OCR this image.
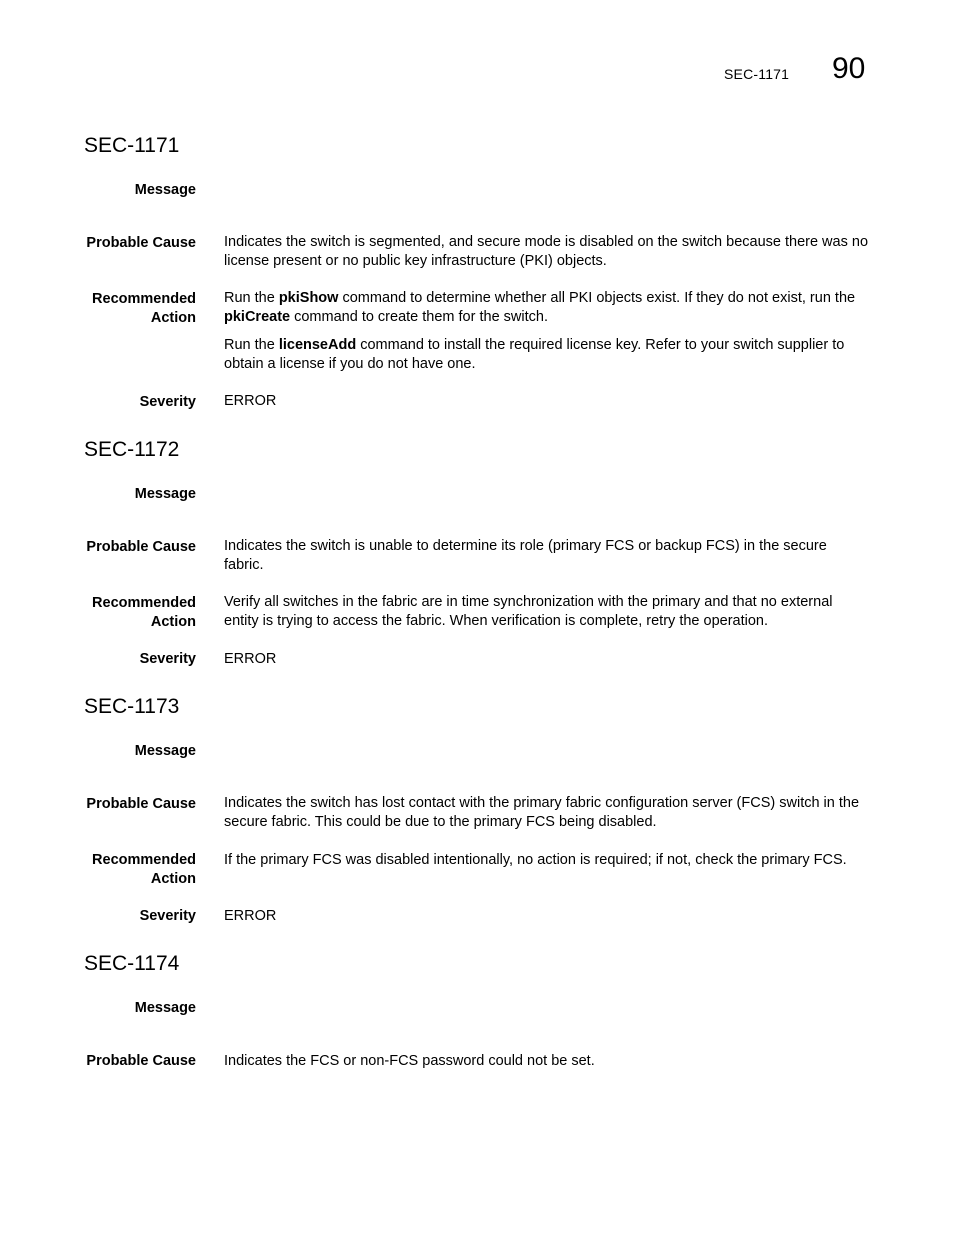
SEC-1171 90
SEC-1171
Message
Probable Cause Indicates the switch is segmented, and secure mode is disabled on the switch because there was no license present or no public key infrastructure (PKI) objects.
Recommended
Action
Run the pkiShow command to determine whether all PKI objects exist. If they do not exist, run the pkiCreate command to create them for the switch.
Run the licenseAdd command to install the required license key. Refer to your switch supplier to obtain a license if you do not have one.
Severity ERROR
SEC-1172
Message
Probable Cause Indicates the switch is unable to determine its role (primary FCS or backup FCS) in the secure fabric.
Recommended
Action
Verify all switches in the fabric are in time synchronization with the primary and that no external entity is trying to access the fabric. When verification is complete, retry the operation.
Severity ERROR
SEC-1173
Message
Probable Cause Indicates the switch has lost contact with the primary fabric configuration server (FCS) switch in the secure fabric. This could be due to the primary FCS being disabled.
Recommended
Action
If the primary FCS was disabled intentionally, no action is required; if not, check the primary FCS.
Severity ERROR
SEC-1174
Message
Probable Cause Indicates the FCS or non-FCS password could not be set.
